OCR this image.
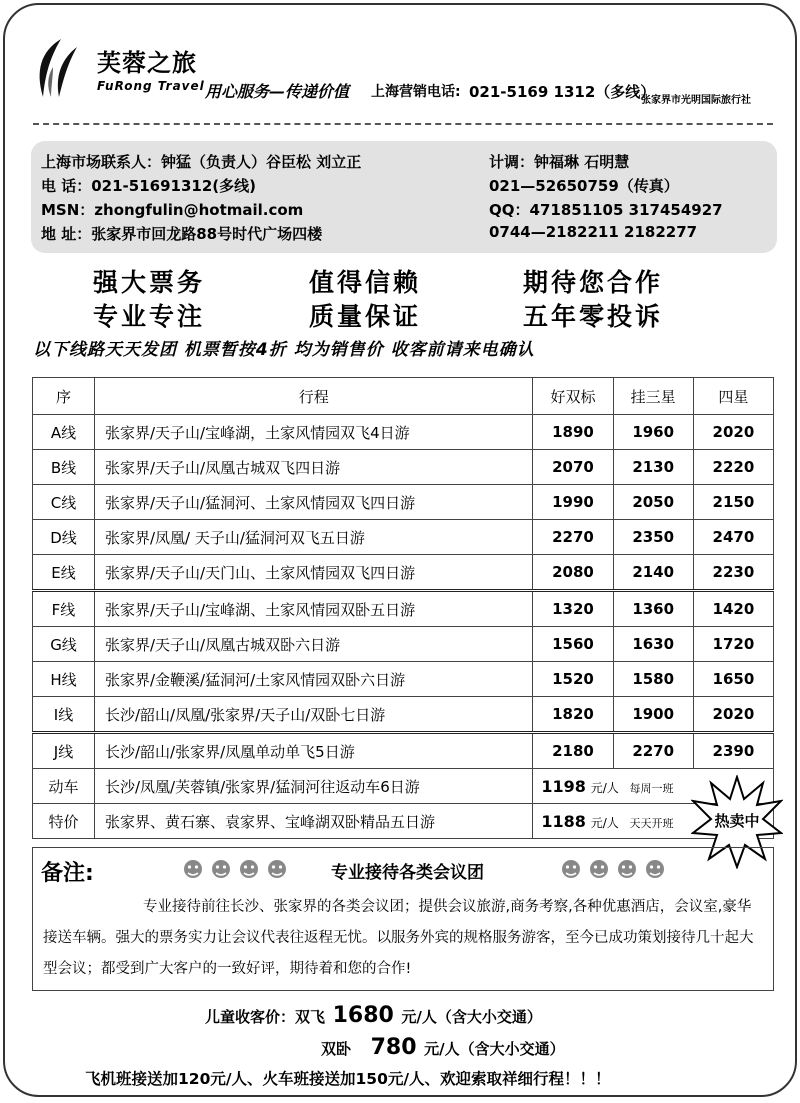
芙蓉之旅
FuRong Travel 用心服务—传递价值 上海营销电话: 021-5169 1312（多线）
张家界市光明国际旅行社
上海市场联系人：钟猛（负责人）谷臣松 刘立正	计调：钟福琳 石明慧
电 话：021-51691312(多线)	021—52650759（传真）
MSN：zhongfulin@hotmail.com	QQ：471851105 317454927
地 址：张家界市回龙路88号时代广场四楼	0744—2182211 2182277
强大票务	值得信赖	期待您合作
专业专注	质量保证	五年零投诉
以下线路天天发团 机票暂按4折 均为销售价 收客前请来电确认
序	行程	好双标	挂三星	四星
A线	张家界/天子山/宝峰湖，土家风情园双飞4日游	1890	1960	2020
B线	张家界/天子山/凤凰古城双飞四日游	2070	2130	2220
C线	张家界/天子山/猛洞河、土家风情园双飞四日游	1990	2050	2150
D线	张家界/凤凰/ 天子山/猛洞河双飞五日游	2270	2350	2470
E线	张家界/天子山/天门山、土家风情园双飞四日游	2080	2140	2230
F线	张家界/天子山/宝峰湖、土家风情园双卧五日游	1320	1360	1420
G线	张家界/天子山/凤凰古城双卧六日游	1560	1630	1720
H线	张家界/金鞭溪/猛洞河/土家风情园双卧六日游	1520	1580	1650
I线	长沙/韶山/凤凰/张家界/天子山/双卧七日游	1820	1900	2020
J线	长沙/韶山/张家界/凤凰单动单飞5日游	2180	2270	2390
动车	长沙/凤凰/芙蓉镇/张家界/猛洞河往返动车6日游	1198 元/人 每周一班		
特价	张家界、黄石寨、袁家界、宝峰湖双卧精品五日游	1188 元/人 天天开班			热卖中
备注:	专业接待各类会议团
专业接待前往长沙、张家界的各类会议团；提供会议旅游,商务考察,各种优惠酒店，会议室,豪华接送车辆。强大的票务实力让会议代表往返程无忧。以服务外宾的规格服务游客，至今已成功策划接待几十起大型会议；都受到广大客户的一致好评，期待着和您的合作!
儿童收客价：双飞 1680 元/人（含大小交通）
双卧 780 元/人（含大小交通）
飞机班接送加120元/人、火车班接送加150元/人、欢迎索取祥细行程！！！
